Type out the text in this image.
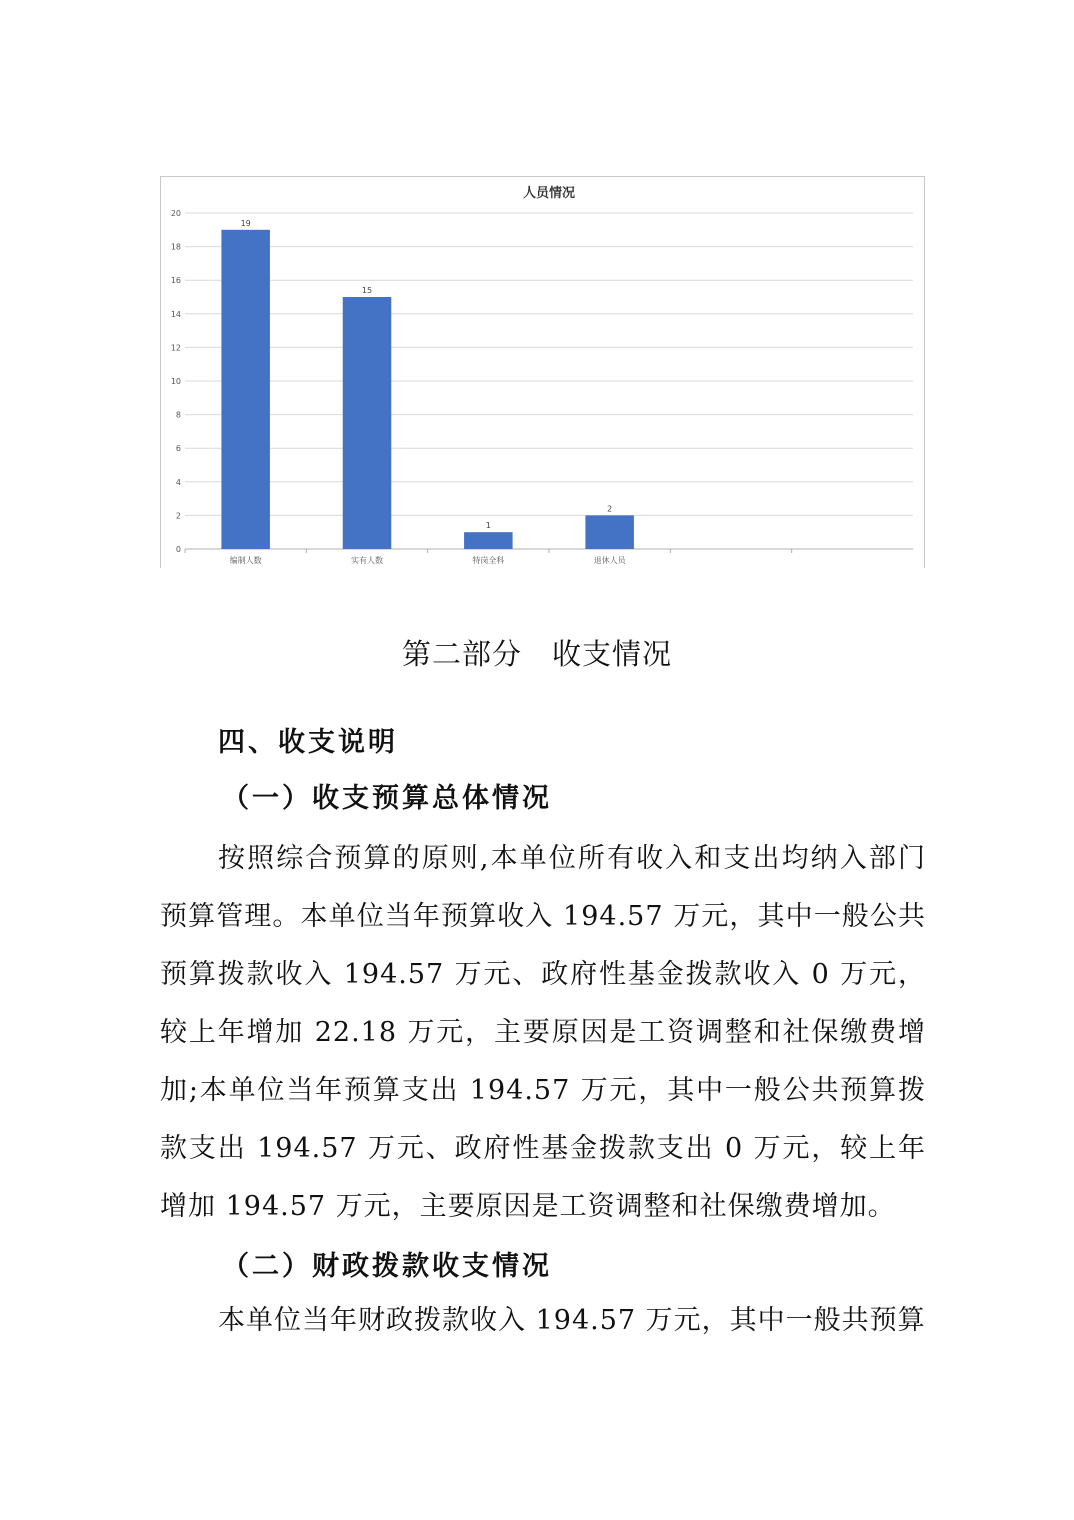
人员情况
0
2
4
6
8
10
12
14
16
18
20
编制人数
19
实有人数
15
特岗全科
1
退休人员
2
第二部分　收支情况
四、收支说明
（一）收支预算总体情况

按照综合预算的原则,本单位所有收入和支出均纳入部门预算管理。本单位当年预算收入 194.57 万元，其中一般公共预算拨款收入 194.57 万元、政府性基金拨款收入 0 万元，较上年增加 22.18 万元，主要原因是工资调整和社保缴费增加;本单位当年预算支出 194.57 万元，其中一般公共预算拨款支出 194.57 万元、政府性基金拨款支出 0 万元，较上年增加 194.57 万元，主要原因是工资调整和社保缴费增加。

（二）财政拨款收支情况

本单位当年财政拨款收入 194.57 万元，其中一般共预算
